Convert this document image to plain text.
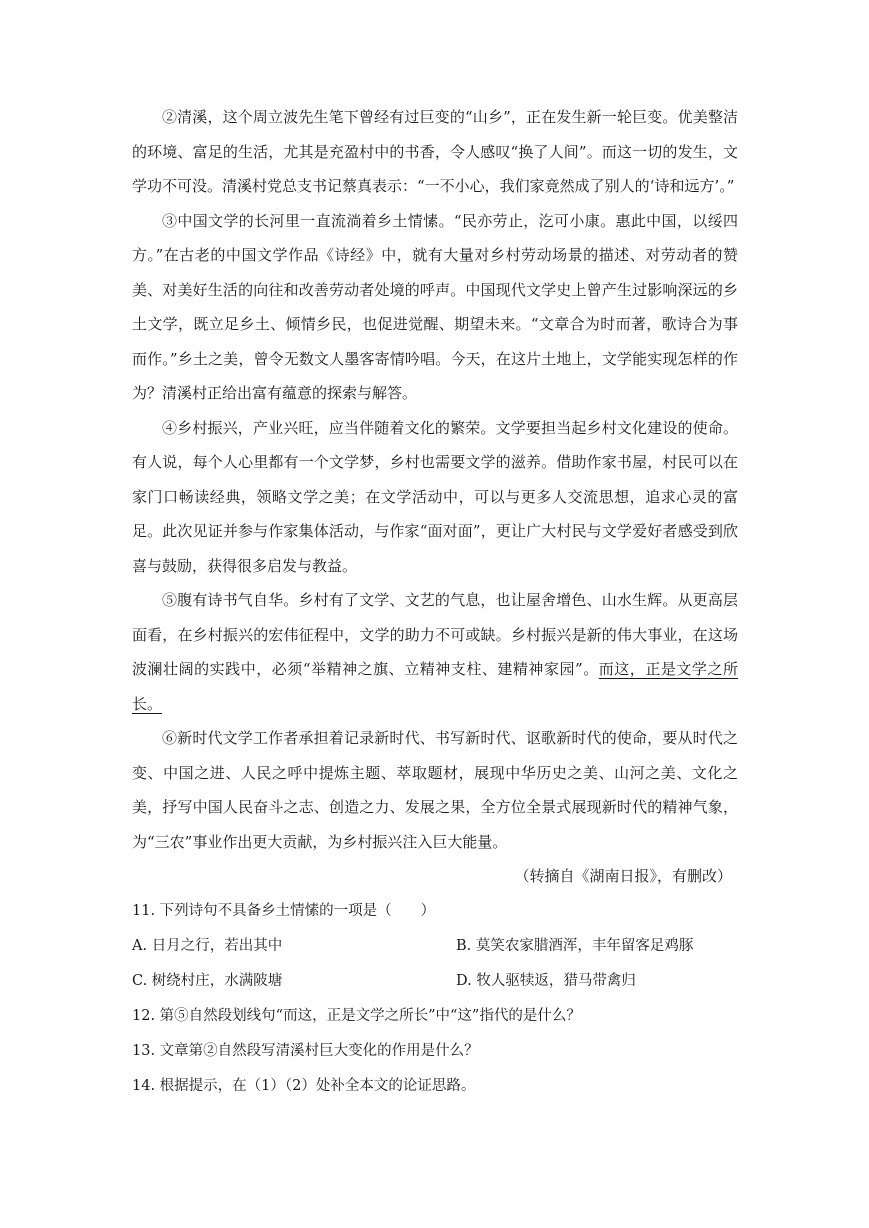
②清溪，这个周立波先生笔下曾经有过巨变的“山乡”，正在发生新一轮巨变。优美整洁的环境、富足的生活，尤其是充盈村中的书香，令人感叹“换了人间”。而这一切的发生，文学功不可没。清溪村党总支书记蔡真表示：“一不小心，我们家竟然成了别人的‘诗和远方’。”

③中国文学的长河里一直流淌着乡土情愫。“民亦劳止，汔可小康。惠此中国，以绥四方。”在古老的中国文学作品《诗经》中，就有大量对乡村劳动场景的描述、对劳动者的赞美、对美好生活的向往和改善劳动者处境的呼声。中国现代文学史上曾产生过影响深远的乡土文学，既立足乡土、倾情乡民，也促进觉醒、期望未来。“文章合为时而著，歌诗合为事而作。”乡土之美，曾令无数文人墨客寄情吟唱。今天，在这片土地上，文学能实现怎样的作为？清溪村正给出富有蕴意的探索与解答。

④乡村振兴，产业兴旺，应当伴随着文化的繁荣。文学要担当起乡村文化建设的使命。有人说，每个人心里都有一个文学梦，乡村也需要文学的滋养。借助作家书屋，村民可以在家门口畅读经典，领略文学之美；在文学活动中，可以与更多人交流思想，追求心灵的富足。此次见证并参与作家集体活动，与作家“面对面”，更让广大村民与文学爱好者感受到欣喜与鼓励，获得很多启发与教益。

⑤腹有诗书气自华。乡村有了文学、文艺的气息，也让屋舍增色、山水生辉。从更高层面看，在乡村振兴的宏伟征程中，文学的助力不可或缺。乡村振兴是新的伟大事业，在这场波澜壮阔的实践中，必须“举精神之旗、立精神支柱、建精神家园”。而这，正是文学之所长。

⑥新时代文学工作者承担着记录新时代、书写新时代、讴歌新时代的使命，要从时代之变、中国之进、人民之呼中提炼主题、萃取题材，展现中华历史之美、山河之美、文化之美，抒写中国人民奋斗之志、创造之力、发展之果，全方位全景式展现新时代的精神气象，为“三农”事业作出更大贡献，为乡村振兴注入巨大能量。

（转摘自《湖南日报》，有删改）

11. 下列诗句不具备乡土情愫的一项是（　　）

A. 日月之行，若出其中	B. 莫笑农家腊酒浑，丰年留客足鸡豚
C. 树绕村庄，水满陂塘	D. 牧人驱犊返，猎马带禽归

12. 第⑤自然段划线句“而这，正是文学之所长”中“这”指代的是什么？

13. 文章第②自然段写清溪村巨大变化的作用是什么？

14. 根据提示，在（1）（2）处补全本文的论证思路。
